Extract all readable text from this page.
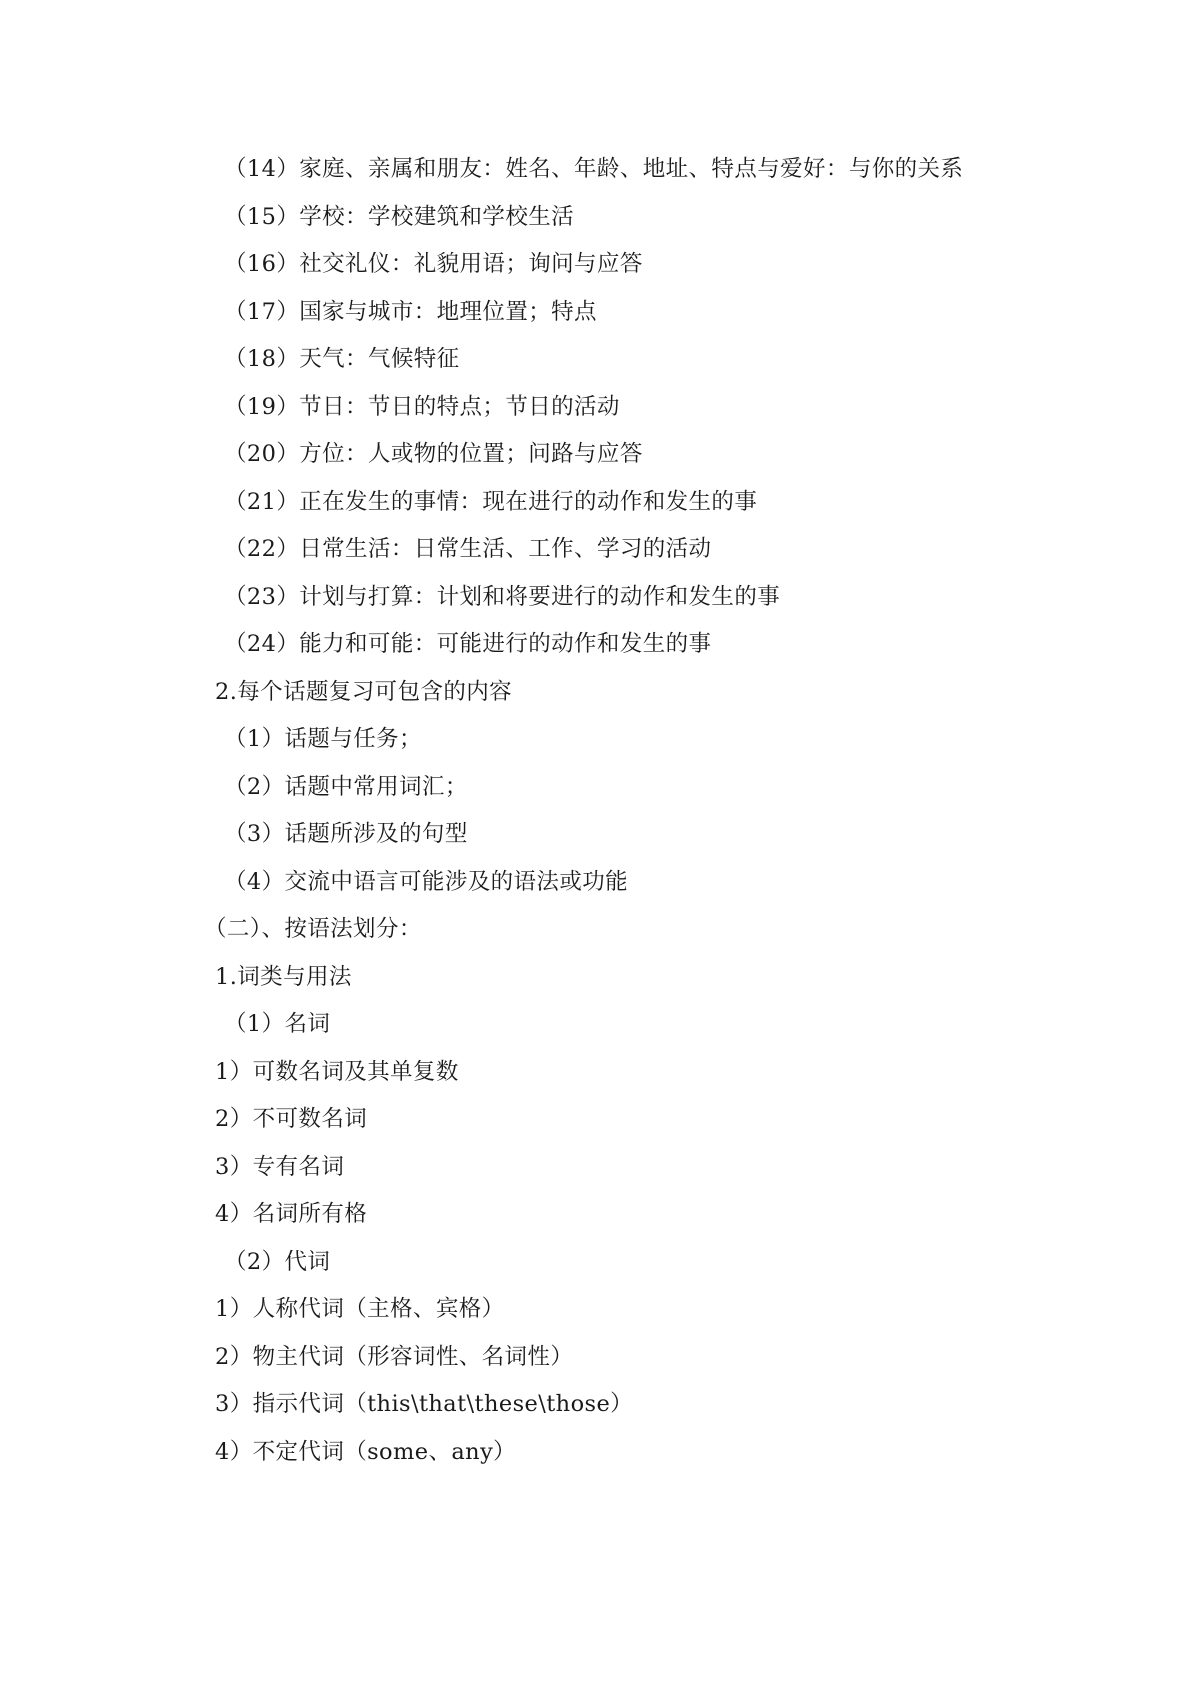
（14）家庭、亲属和朋友：姓名、年龄、地址、特点与爱好：与你的关系
（15）学校：学校建筑和学校生活
（16）社交礼仪：礼貌用语；询问与应答
（17）国家与城市：地理位置；特点
（18）天气：气候特征
（19）节日：节日的特点；节日的活动
（20）方位：人或物的位置；问路与应答
（21）正在发生的事情：现在进行的动作和发生的事
（22）日常生活：日常生活、工作、学习的活动
（23）计划与打算：计划和将要进行的动作和发生的事
（24）能力和可能：可能进行的动作和发生的事
2.每个话题复习可包含的内容
（1）话题与任务；
（2）话题中常用词汇；
（3）话题所涉及的句型
（4）交流中语言可能涉及的语法或功能
（二）、按语法划分：
1.词类与用法
（1）名词
1）可数名词及其单复数
2）不可数名词
3）专有名词
4）名词所有格
（2）代词
1）人称代词（主格、宾格）
2）物主代词（形容词性、名词性）
3）指示代词（this\that\these\those）
4）不定代词（some、any）
